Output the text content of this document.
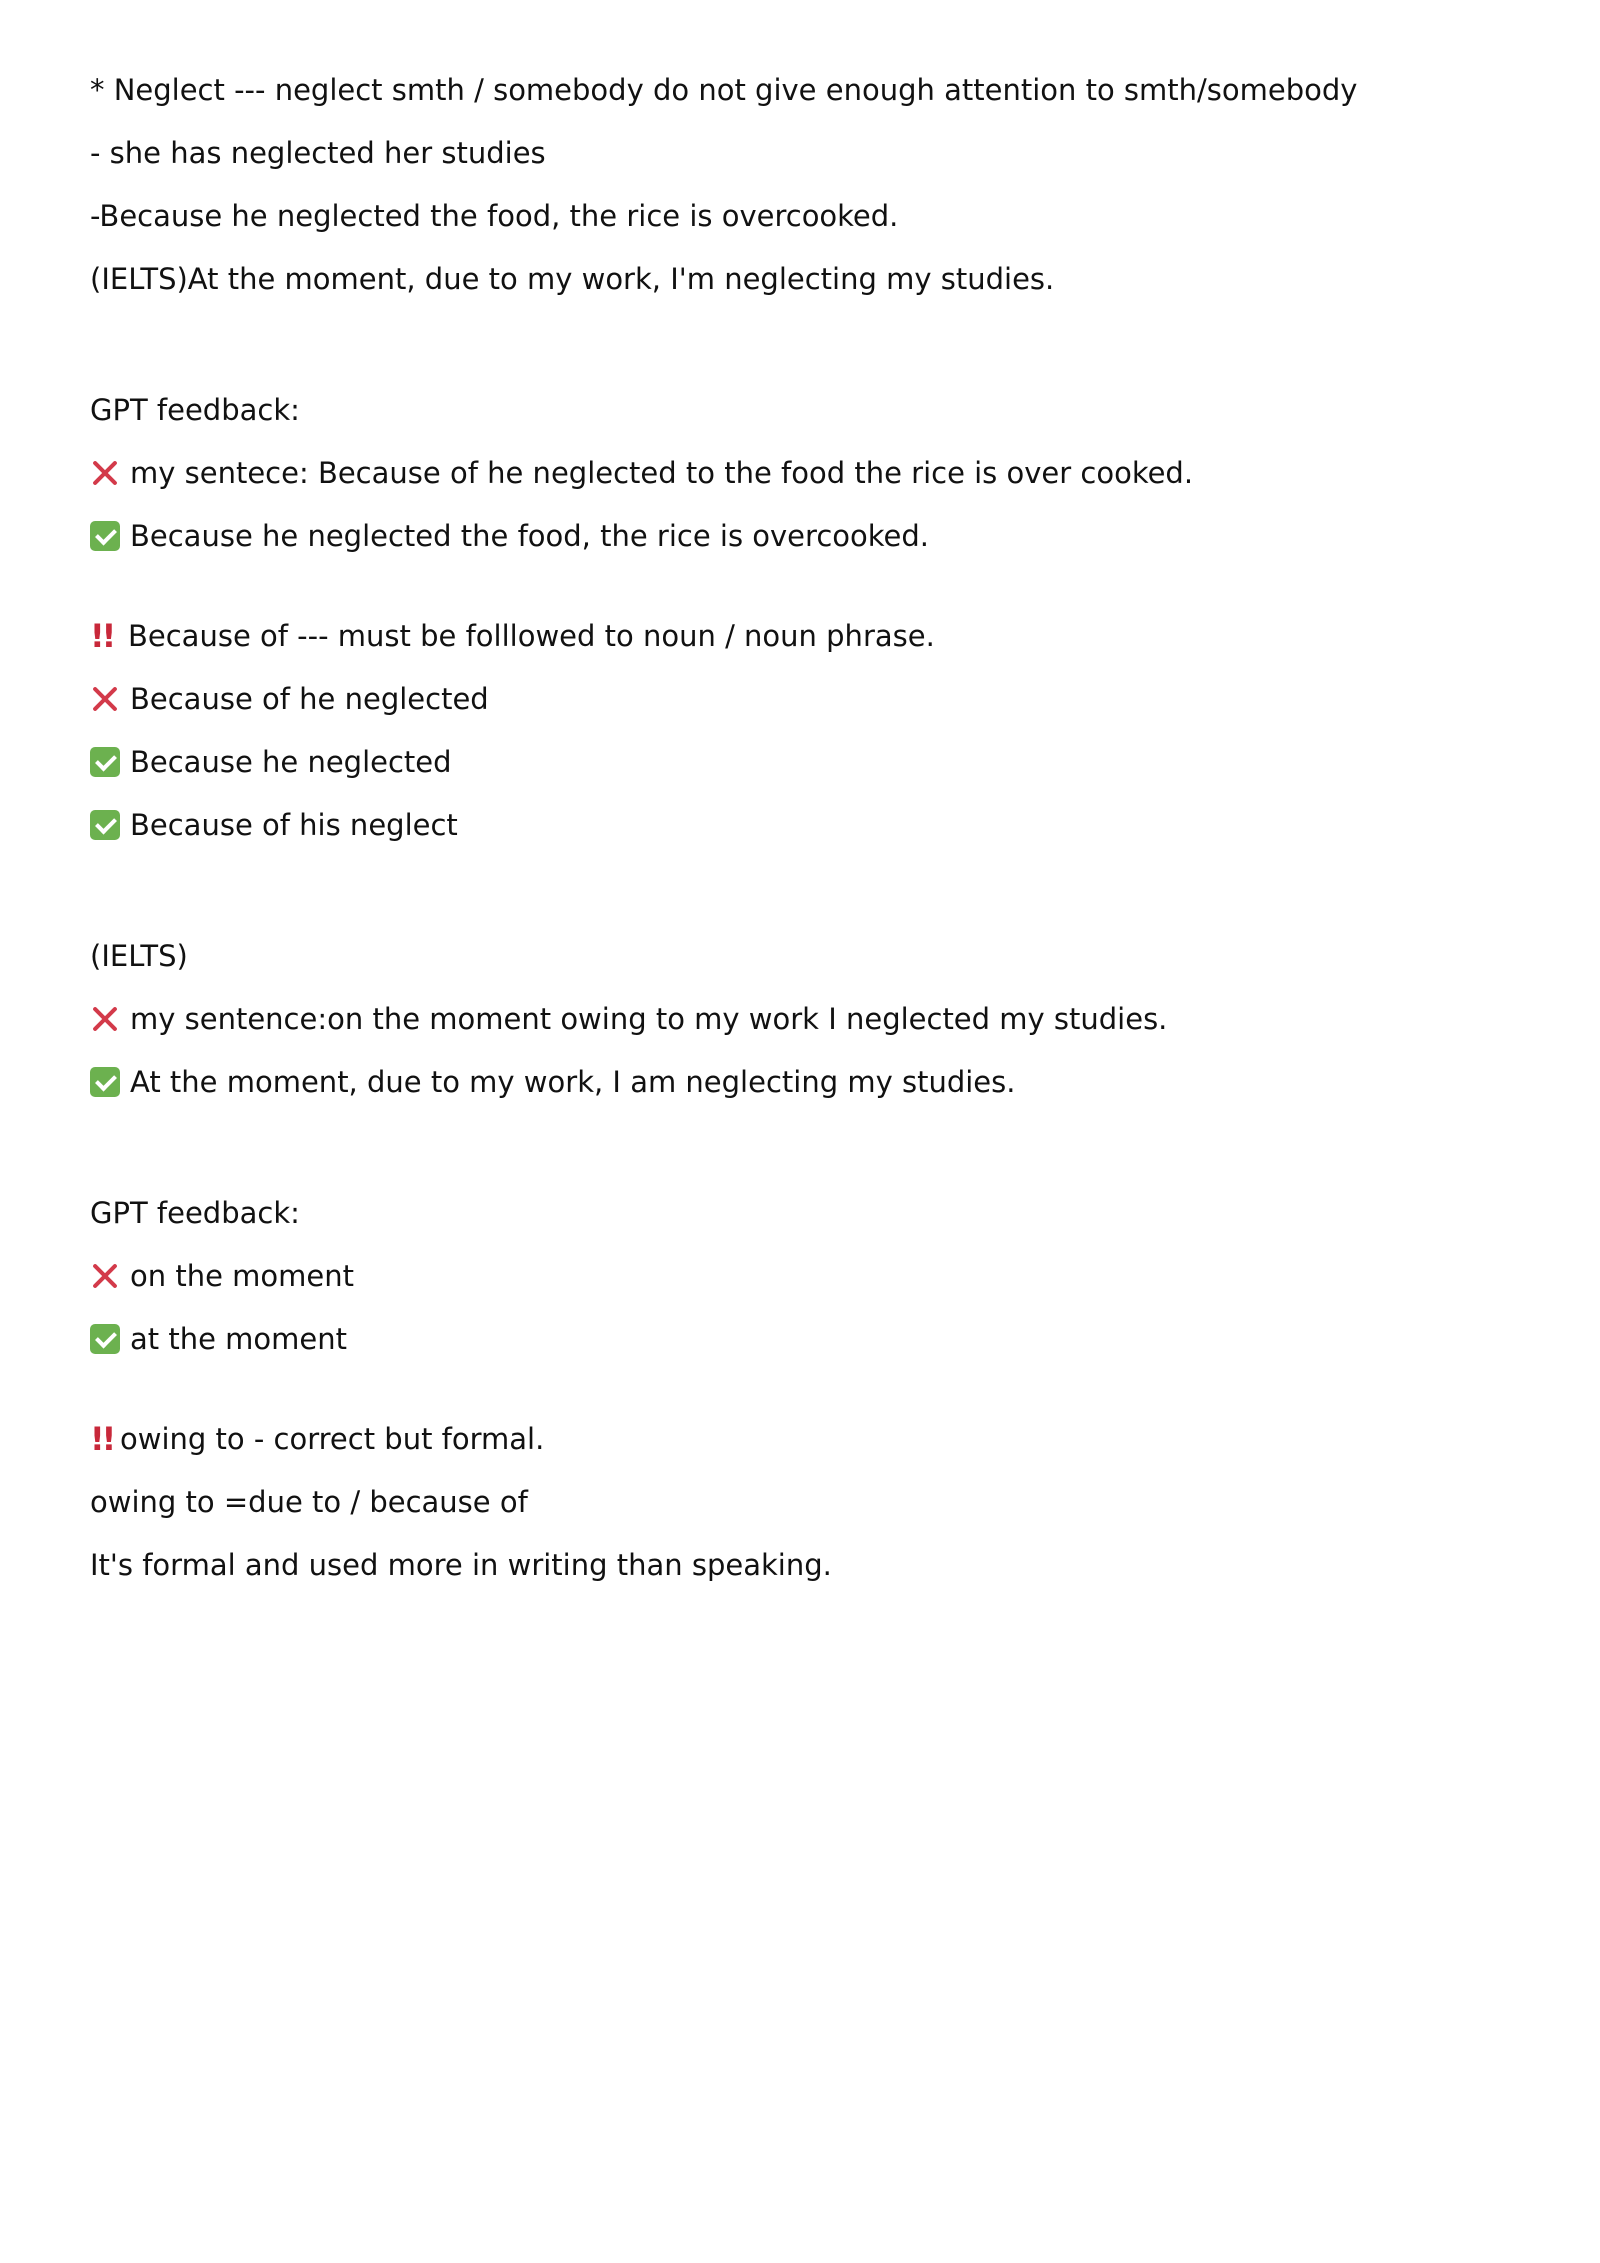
* Neglect --- neglect smth / somebody do not give enough attention to smth/somebody
- she has neglected her studies
-Because he neglected the food, the rice is overcooked.
(IELTS)At the moment, due to my work, I'm neglecting my studies.
GPT feedback:
my sentece: Because of he neglected to the food the rice is over cooked.
Because he neglected the food, the rice is overcooked.
!! Because of --- must be folllowed to noun / noun phrase.
Because of he neglected
Because he neglected
Because of his neglect
(IELTS)
my sentence:on the moment owing to my work I neglected my studies.
At the moment, due to my work, I am neglecting my studies.
GPT feedback:
on the moment
at the moment
!! owing to - correct but formal.
owing to =due to / because of
It's formal and used more in writing than speaking.
